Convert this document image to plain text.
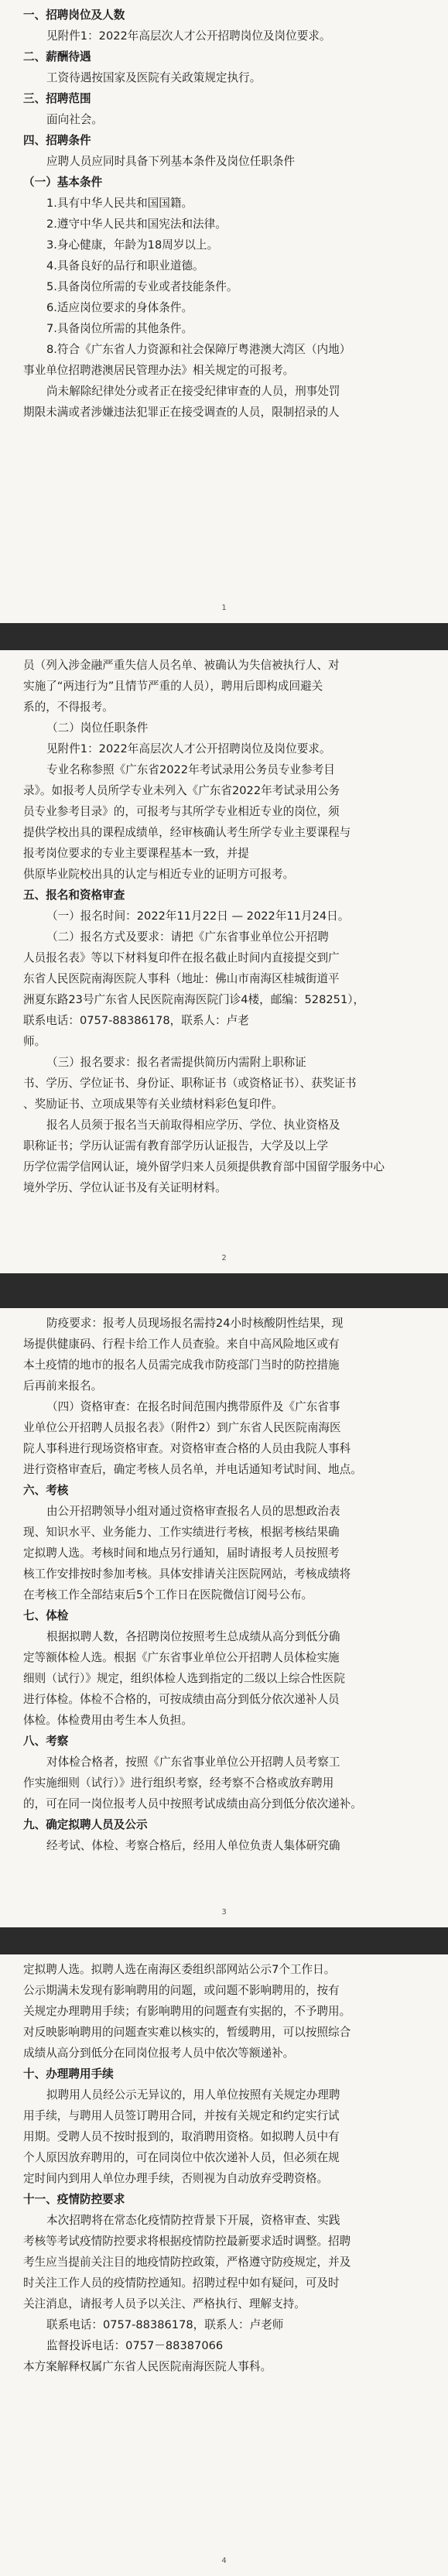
一、招聘岗位及人数
见附件1：2022年高层次人才公开招聘岗位及岗位要求。
二、薪酬待遇
工资待遇按国家及医院有关政策规定执行。
三、招聘范围
面向社会。
四、招聘条件
应聘人员应同时具备下列基本条件及岗位任职条件
（一）基本条件
1.具有中华人民共和国国籍。
2.遵守中华人民共和国宪法和法律。
3.身心健康，年龄为18周岁以上。
4.具备良好的品行和职业道德。
5.具备岗位所需的专业或者技能条件。
6.适应岗位要求的身体条件。
7.具备岗位所需的其他条件。
8.符合《广东省人力资源和社会保障厅粤港澳大湾区（内地）
事业单位招聘港澳居民管理办法》相关规定的可报考。
尚未解除纪律处分或者正在接受纪律审查的人员，刑事处罚
期限未满或者涉嫌违法犯罪正在接受调查的人员，限制招录的人
1
员（列入涉金融严重失信人员名单、被确认为失信被执行人、对
实施了“两违行为”且情节严重的人员），聘用后即构成回避关
系的，不得报考。
（二）岗位任职条件
见附件1：2022年高层次人才公开招聘岗位及岗位要求。
专业名称参照《广东省2022年考试录用公务员专业参考目
录》。如报考人员所学专业未列入《广东省2022年考试录用公务
员专业参考目录》的，可报考与其所学专业相近专业的岗位，须
提供学校出具的课程成绩单，经审核确认考生所学专业主要课程与
报考岗位要求的专业主要课程基本一致，并提
供原毕业院校出具的认定与相近专业的证明方可报考。
五、报名和资格审查
（一）报名时间：2022年11月22日 — 2022年11月24日。
（二）报名方式及要求：请把《广东省事业单位公开招聘
人员报名表》等以下材料复印件在报名截止时间内直接提交到广
东省人民医院南海医院人事科（地址：佛山市南海区桂城街道平
洲夏东路23号广东省人民医院南海医院门诊4楼，邮编：528251），
联系电话：0757-88386178，联系人：卢老
师。
（三）报名要求：报名者需提供简历内需附上职称证
书、学历、学位证书、身份证、职称证书（或资格证书）、获奖证书
、奖励证书、立项成果等有关业绩材料彩色复印件。
报名人员须于报名当天前取得相应学历、学位、执业资格及
职称证书；学历认证需有教育部学历认证报告，大学及以上学
历学位需学信网认证，境外留学归来人员须提供教育部中国留学服务中心
境外学历、学位认证书及有关证明材料。
2
防疫要求：报考人员现场报名需持24小时核酸阴性结果，现
场提供健康码、行程卡给工作人员查验。来自中高风险地区或有
本土疫情的地市的报名人员需完成我市防疫部门当时的防控措施
后再前来报名。
（四）资格审查：在报名时间范围内携带原件及《广东省事
业单位公开招聘人员报名表》（附件2）到广东省人民医院南海医
院人事科进行现场资格审查。对资格审查合格的人员由我院人事科
进行资格审查后，确定考核人员名单，并电话通知考试时间、地点。
六、考核
由公开招聘领导小组对通过资格审查报名人员的思想政治表
现、知识水平、业务能力、工作实绩进行考核，根据考核结果确
定拟聘人选。考核时间和地点另行通知，届时请报考人员按照考
核工作安排按时参加考核。具体安排请关注医院网站，考核成绩将
在考核工作全部结束后5个工作日在医院微信订阅号公布。
七、体检
根据拟聘人数，各招聘岗位按照考生总成绩从高分到低分确
定等额体检人选。根据《广东省事业单位公开招聘人员体检实施
细则（试行）》规定，组织体检人选到指定的二级以上综合性医院
进行体检。体检不合格的，可按成绩由高分到低分依次递补人员
体检。体检费用由考生本人负担。
八、考察
对体检合格者，按照《广东省事业单位公开招聘人员考察工
作实施细则（试行）》进行组织考察，经考察不合格或放弃聘用
的，可在同一岗位报考人员中按照考试成绩由高分到低分依次递补。
九、确定拟聘人员及公示
经考试、体检、考察合格后，经用人单位负责人集体研究确
3
定拟聘人选。拟聘人选在南海区委组织部网站公示7个工作日。
公示期满未发现有影响聘用的问题，或问题不影响聘用的，按有
关规定办理聘用手续；有影响聘用的问题查有实据的，不予聘用。
对反映影响聘用的问题查实难以核实的，暂缓聘用，可以按照综合
成绩从高分到低分在同岗位报考人员中依次等额递补。
十、办理聘用手续
拟聘用人员经公示无异议的，用人单位按照有关规定办理聘
用手续，与聘用人员签订聘用合同，并按有关规定和约定实行试
用期。受聘人员不按时报到的，取消聘用资格。如拟聘人员中有
个人原因放弃聘用的，可在同岗位中依次递补人员，但必须在规
定时间内到用人单位办理手续，否则视为自动放弃受聘资格。
十一、疫情防控要求
本次招聘将在常态化疫情防控背景下开展，资格审查、实践
考核等考试疫情防控要求将根据疫情防控最新要求适时调整。招聘
考生应当提前关注目的地疫情防控政策，严格遵守防疫规定，并及
时关注工作人员的疫情防控通知。招聘过程中如有疑问，可及时
关注消息，请报考人员予以关注、严格执行、理解支持。
联系电话：0757-88386178，联系人：卢老师
监督投诉电话：0757－88387066
本方案解释权属广东省人民医院南海医院人事科。
4
